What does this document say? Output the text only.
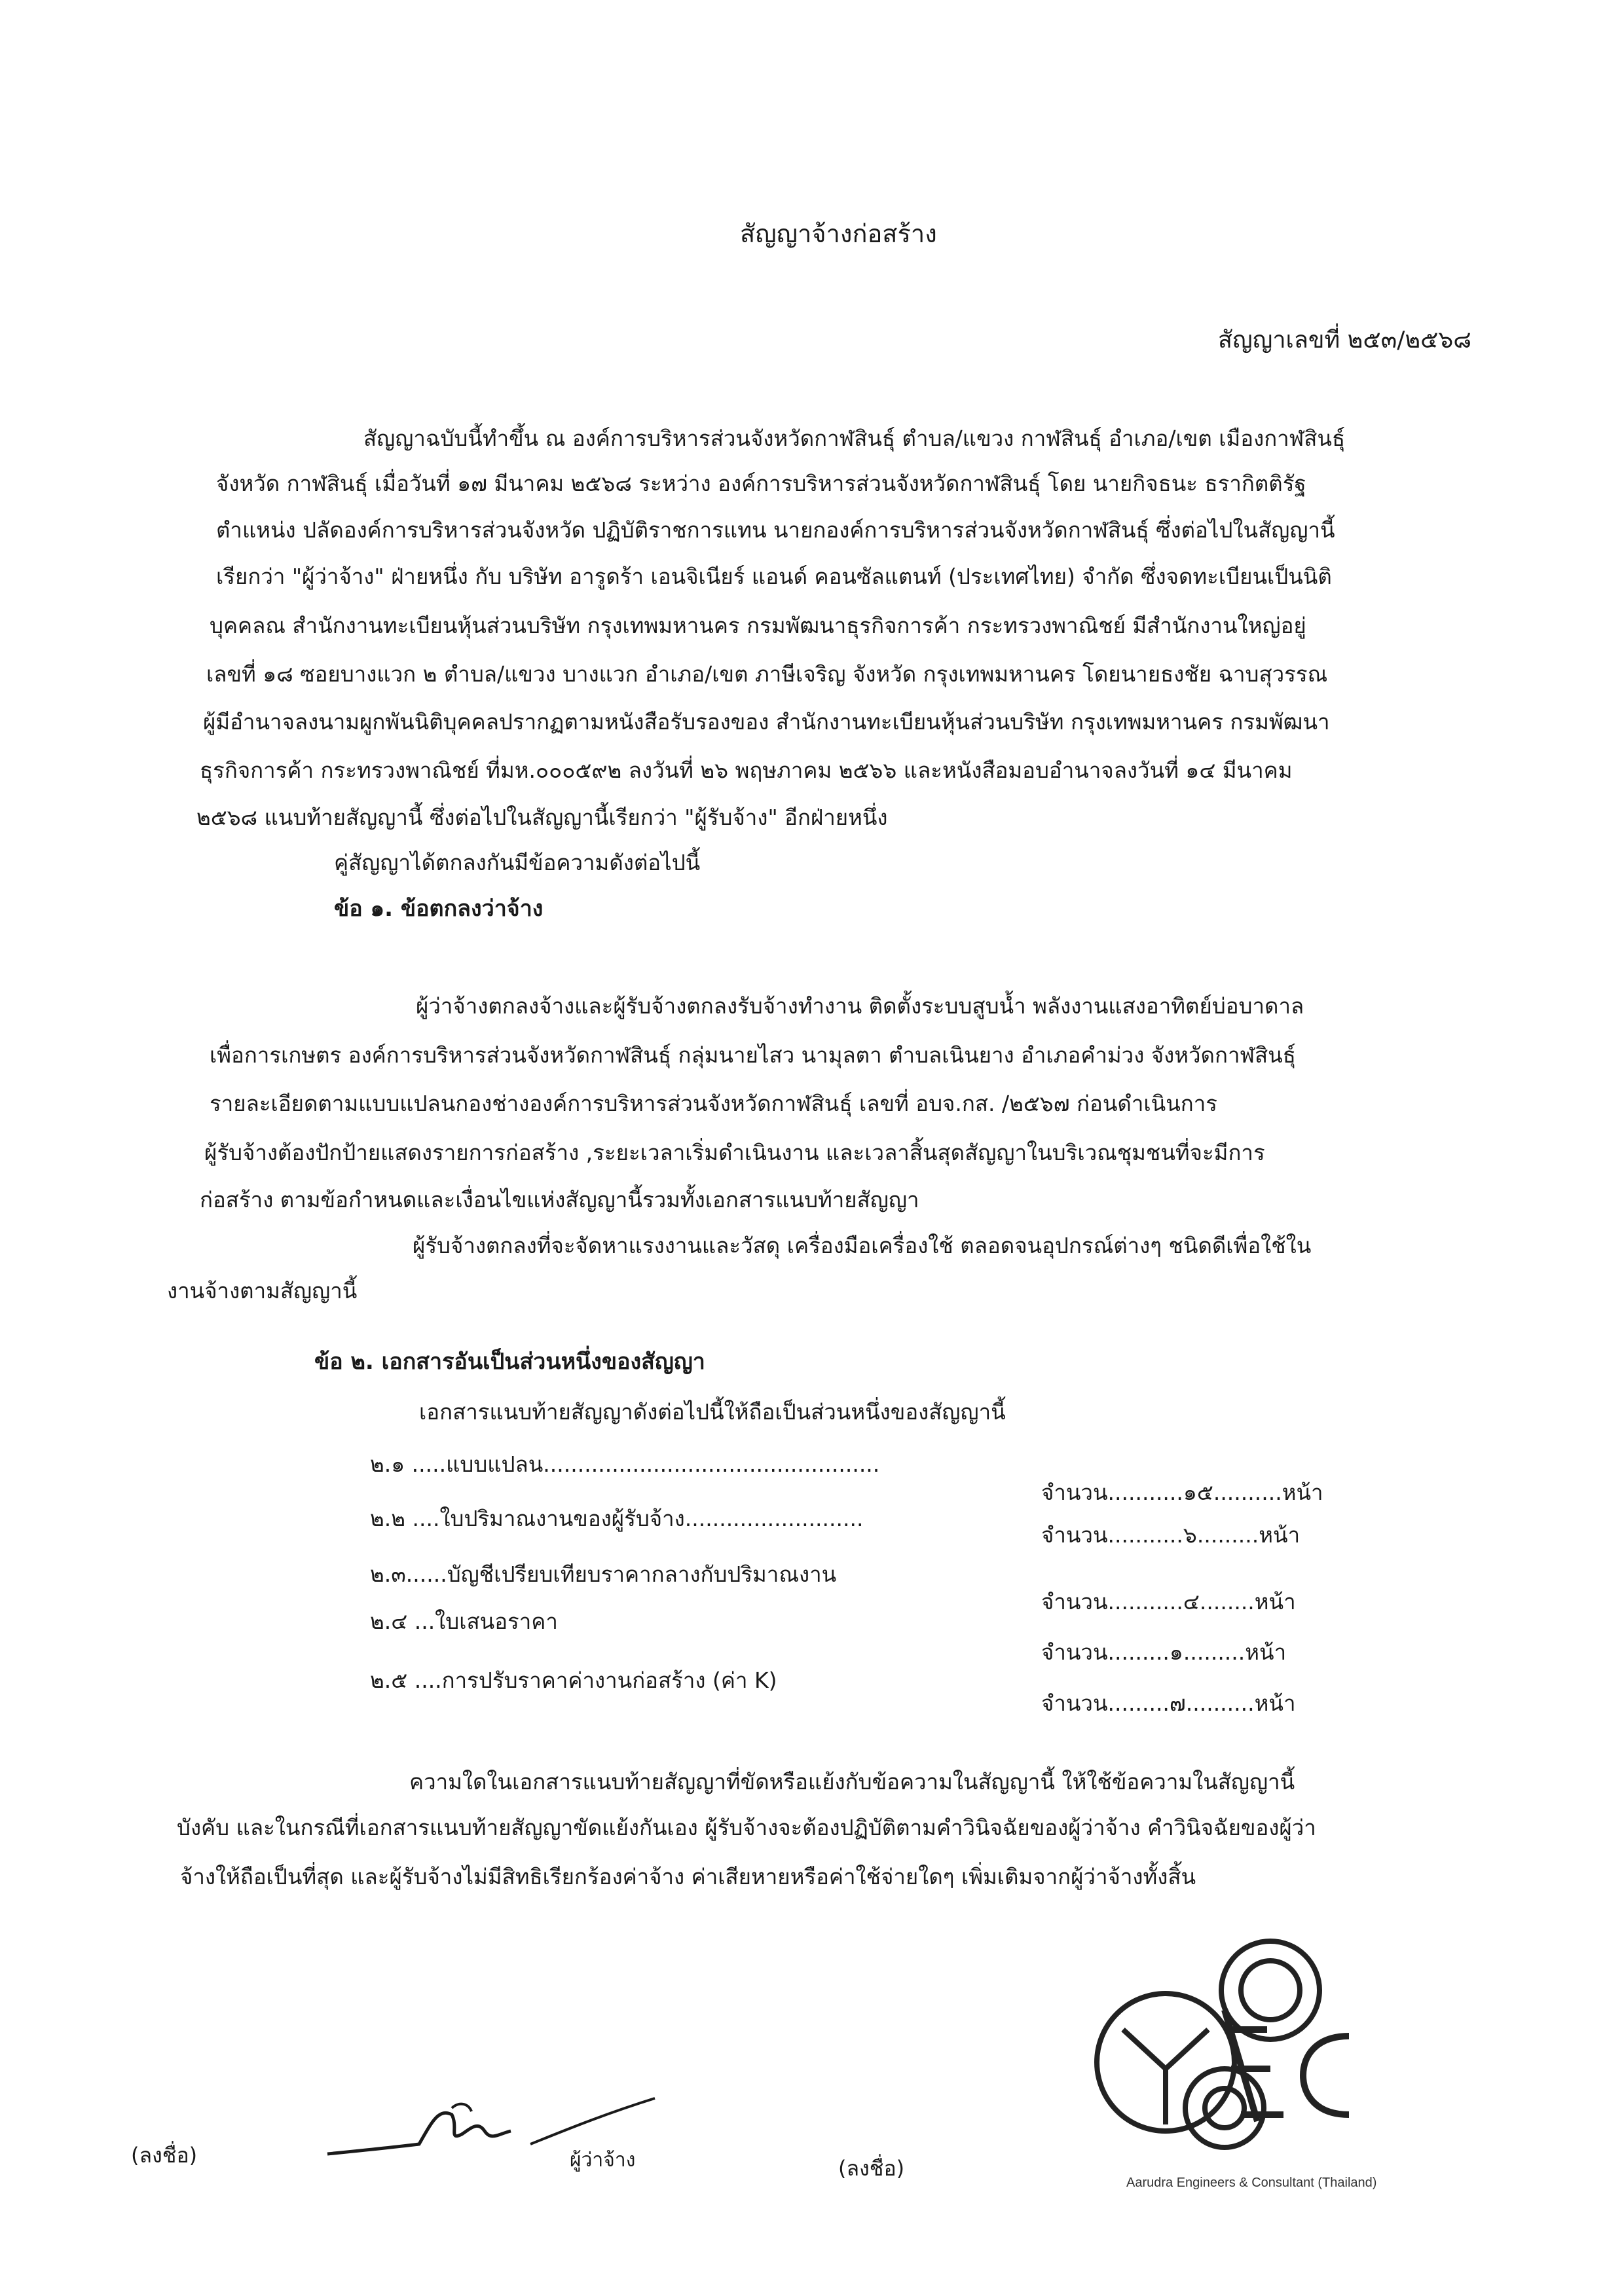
สัญญาจ้างก่อสร้าง
สัญญาเลขที่ ๒๕๓/๒๕๖๘
สัญญาฉบับนี้ทำขึ้น ณ องค์การบริหารส่วนจังหวัดกาฬสินธุ์ ตำบล/แขวง กาฬสินธุ์ อำเภอ/เขต เมืองกาฬสินธุ์
จังหวัด กาฬสินธุ์ เมื่อวันที่ ๑๗ มีนาคม ๒๕๖๘ ระหว่าง องค์การบริหารส่วนจังหวัดกาฬสินธุ์ โดย นายกิจธนะ ธรากิตติรัฐ
ตำแหน่ง ปลัดองค์การบริหารส่วนจังหวัด ปฏิบัติราชการแทน นายกองค์การบริหารส่วนจังหวัดกาฬสินธุ์ ซึ่งต่อไปในสัญญานี้
เรียกว่า "ผู้ว่าจ้าง" ฝ่ายหนึ่ง กับ บริษัท อารูดร้า เอนจิเนียร์ แอนด์ คอนซัลแตนท์ (ประเทศไทย) จำกัด ซึ่งจดทะเบียนเป็นนิติ
บุคคลณ สำนักงานทะเบียนหุ้นส่วนบริษัท กรุงเทพมหานคร กรมพัฒนาธุรกิจการค้า กระทรวงพาณิชย์ มีสำนักงานใหญ่อยู่
เลขที่ ๑๘ ซอยบางแวก ๒ ตำบล/แขวง บางแวก อำเภอ/เขต ภาษีเจริญ จังหวัด กรุงเทพมหานคร โดยนายธงชัย ฉาบสุวรรณ
ผู้มีอำนาจลงนามผูกพันนิติบุคคลปรากฏตามหนังสือรับรองของ สำนักงานทะเบียนหุ้นส่วนบริษัท กรุงเทพมหานคร กรมพัฒนา
ธุรกิจการค้า กระทรวงพาณิชย์ ที่มห.๐๐๐๕๙๒ ลงวันที่ ๒๖ พฤษภาคม ๒๕๖๖ และหนังสือมอบอำนาจลงวันที่ ๑๔ มีนาคม
๒๕๖๘ แนบท้ายสัญญานี้ ซึ่งต่อไปในสัญญานี้เรียกว่า "ผู้รับจ้าง" อีกฝ่ายหนึ่ง
คู่สัญญาได้ตกลงกันมีข้อความดังต่อไปนี้
ข้อ ๑. ข้อตกลงว่าจ้าง
ผู้ว่าจ้างตกลงจ้างและผู้รับจ้างตกลงรับจ้างทำงาน ติดตั้งระบบสูบน้ำ พลังงานแสงอาทิตย์บ่อบาดาล
เพื่อการเกษตร องค์การบริหารส่วนจังหวัดกาฬสินธุ์ กลุ่มนายไสว นามุลตา ตำบลเนินยาง อำเภอคำม่วง จังหวัดกาฬสินธุ์
รายละเอียดตามแบบแปลนกองช่างองค์การบริหารส่วนจังหวัดกาฬสินธุ์ เลขที่ อบจ.กส. /๒๕๖๗ ก่อนดำเนินการ
ผู้รับจ้างต้องปักป้ายแสดงรายการก่อสร้าง ,ระยะเวลาเริ่มดำเนินงาน และเวลาสิ้นสุดสัญญาในบริเวณชุมชนที่จะมีการ
ก่อสร้าง ตามข้อกำหนดและเงื่อนไขแห่งสัญญานี้รวมทั้งเอกสารแนบท้ายสัญญา
ผู้รับจ้างตกลงที่จะจัดหาแรงงานและวัสดุ เครื่องมือเครื่องใช้ ตลอดจนอุปกรณ์ต่างๆ ชนิดดีเพื่อใช้ใน
งานจ้างตามสัญญานี้
ข้อ ๒. เอกสารอันเป็นส่วนหนึ่งของสัญญา
เอกสารแนบท้ายสัญญาดังต่อไปนี้ให้ถือเป็นส่วนหนึ่งของสัญญานี้
๒.๑ .....แบบแปลน.................................................
จำนวน...........๑๕..........หน้า
๒.๒ ....ใบปริมาณงานของผู้รับจ้าง..........................
จำนวน...........๖.........หน้า
๒.๓......บัญชีเปรียบเทียบราคากลางกับปริมาณงาน
จำนวน...........๔........หน้า
๒.๔ ...ใบเสนอราคา
จำนวน.........๑.........หน้า
๒.๕ ....การปรับราคาค่างานก่อสร้าง (ค่า K)
จำนวน.........๗..........หน้า
ความใดในเอกสารแนบท้ายสัญญาที่ขัดหรือแย้งกับข้อความในสัญญานี้ ให้ใช้ข้อความในสัญญานี้
บังคับ และในกรณีที่เอกสารแนบท้ายสัญญาขัดแย้งกันเอง ผู้รับจ้างจะต้องปฏิบัติตามคำวินิจฉัยของผู้ว่าจ้าง คำวินิจฉัยของผู้ว่า
จ้างให้ถือเป็นที่สุด และผู้รับจ้างไม่มีสิทธิเรียกร้องค่าจ้าง ค่าเสียหายหรือค่าใช้จ่ายใดๆ เพิ่มเติมจากผู้ว่าจ้างทั้งสิ้น
(ลงชื่อ)	ผู้ว่าจ้าง	(ลงชื่อ)
Aarudra Engineers & Consultant (Thailand)
